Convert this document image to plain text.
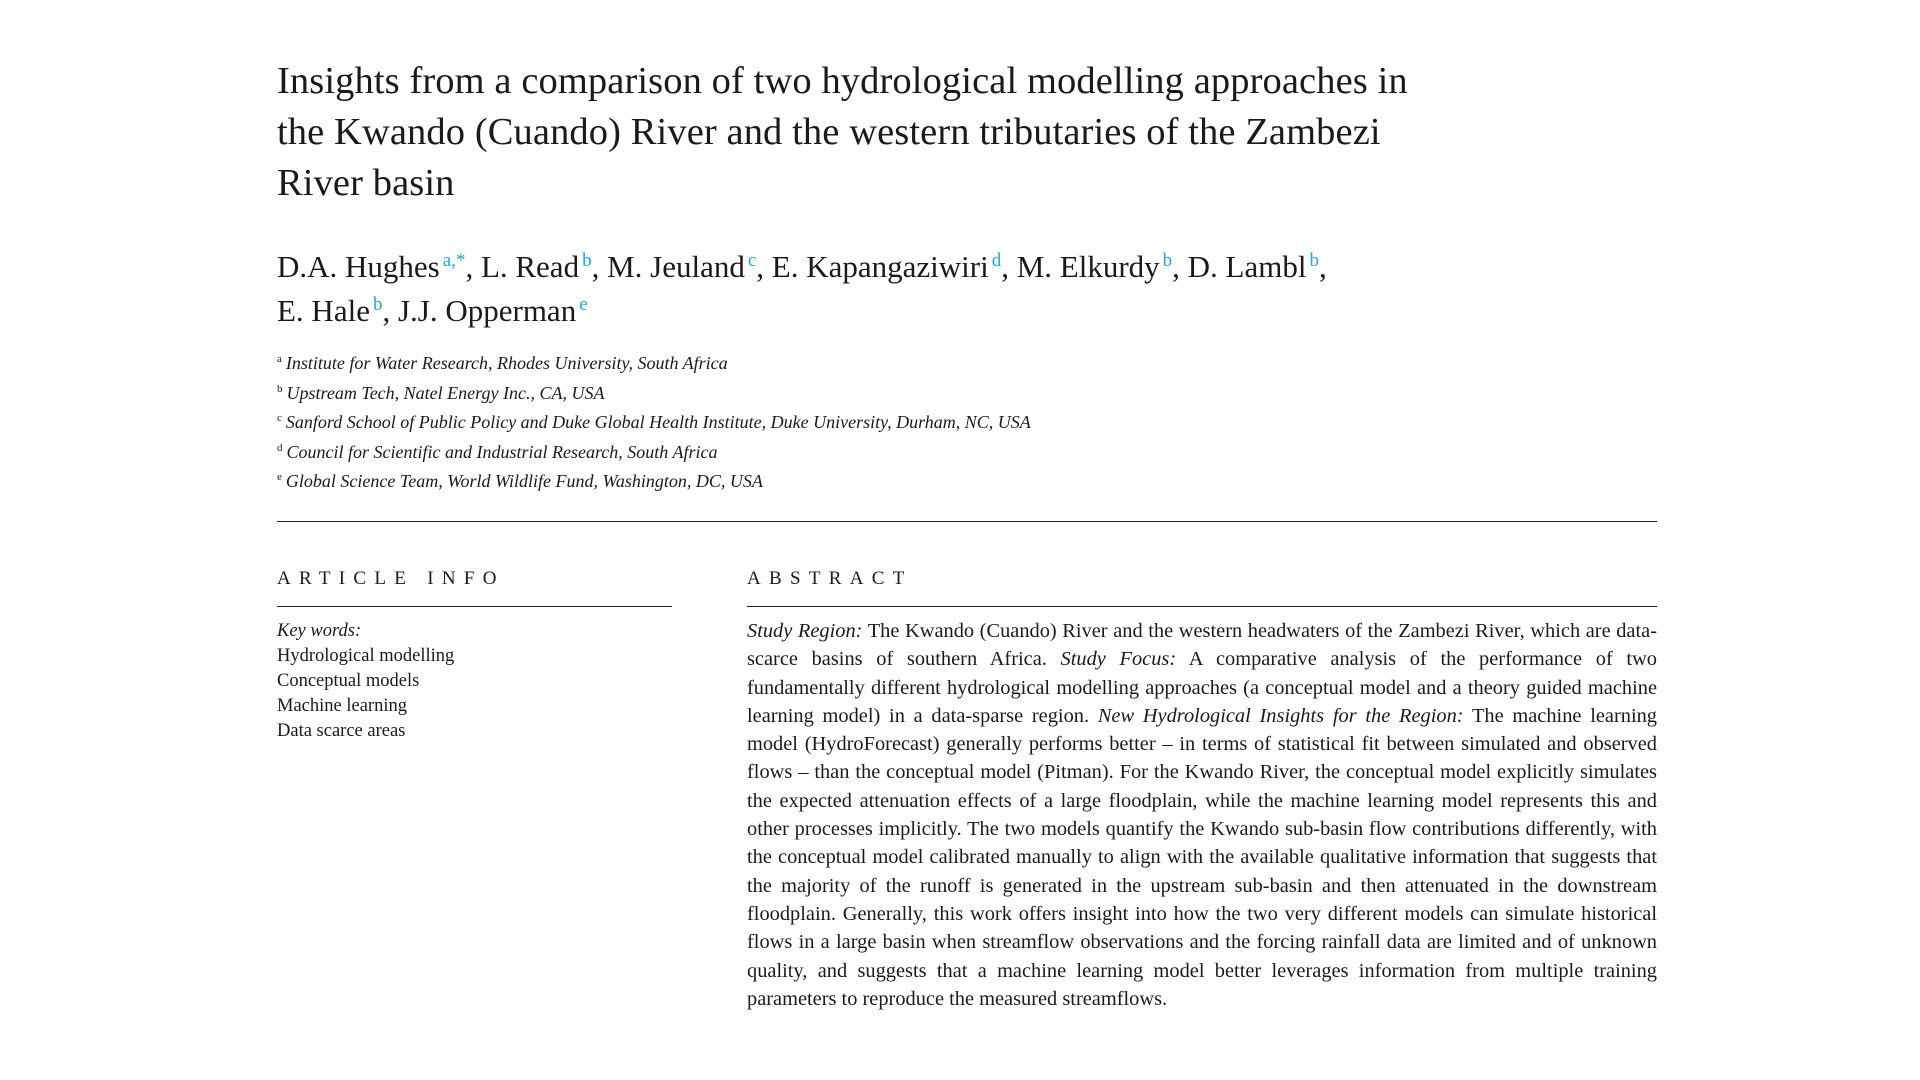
Insights from a comparison of two hydrological modelling approaches in the Kwando (Cuando) River and the western tributaries of the Zambezi River basin
D.A. Hughes $^{a,*}$, L. Read $^b$, M. Jeuland $^c$, E. Kapangaziwiri $^d$, M. Elkurdy $^b$, D. Lambl $^b$,
E. Hale $^b$, J.J. Opperman $^e$
$^a$ Institute for Water Research, Rhodes University, South Africa
$^b$ Upstream Tech, Natel Energy Inc., CA, USA
$^c$ Sanford School of Public Policy and Duke Global Health Institute, Duke University, Durham, NC, USA
$^d$ Council for Scientific and Industrial Research, South Africa
$^e$ Global Science Team, World Wildlife Fund, Washington, DC, USA
ARTICLE INFO
Key words:
Hydrological modelling
Conceptual models
Machine learning
Data scarce areas
ABSTRACT

Study Region: The Kwando (Cuando) River and the western headwaters of the Zambezi River, which are data-scarce basins of southern Africa. Study Focus: A comparative analysis of the performance of two fundamentally different hydrological modelling approaches (a conceptual model and a theory guided machine learning model) in a data-sparse region. New Hydrological Insights for the Region: The machine learning model (HydroForecast) generally performs better – in terms of statistical fit between simulated and observed flows – than the conceptual model (Pitman). For the Kwando River, the conceptual model explicitly simulates the expected attenuation effects of a large floodplain, while the machine learning model represents this and other processes implicitly. The two models quantify the Kwando sub-basin flow contributions differently, with the conceptual model calibrated manually to align with the available qualitative information that suggests that the majority of the runoff is generated in the upstream sub-basin and then attenuated in the downstream floodplain. Generally, this work offers insight into how the two very different models can simulate historical flows in a large basin when streamflow observations and the forcing rainfall data are limited and of unknown quality, and suggests that a machine learning model better leverages information from multiple training parameters to reproduce the measured streamflows.
